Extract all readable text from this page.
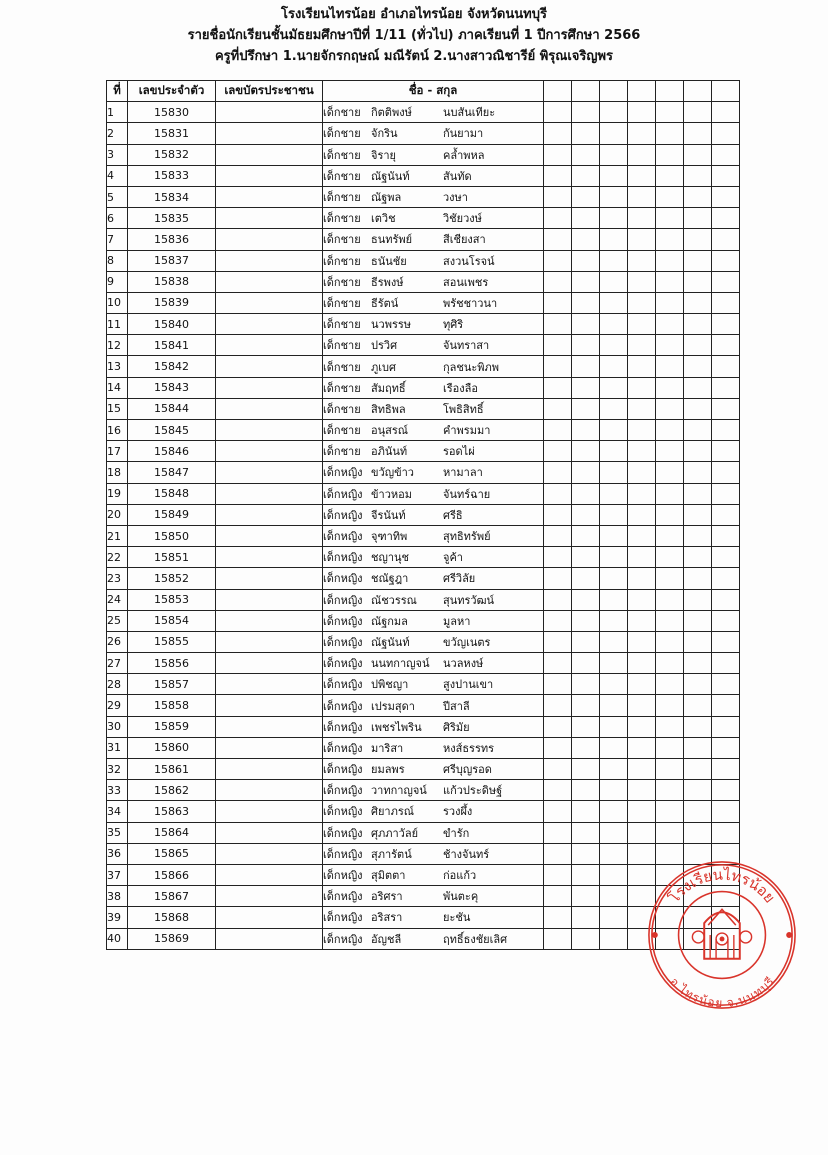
โรงเรียนไทรน้อย อำเภอไทรน้อย จังหวัดนนทบุรี
รายชื่อนักเรียนชั้นมัธยมศึกษาปีที่ 1/11 (ทั่วไป) ภาคเรียนที่ 1 ปีการศึกษา 2566
ครูที่ปรึกษา 1.นายจักรกฤษณ์ มณีรัตน์ 2.นางสาวณิชารีย์ พิรุณเจริญพร
ที่	เลขประจำตัว	เลขบัตรประชาชน	ชื่อ - สกุล							
1	15830		เด็กชาย กิตติพงษ์ นบสันเทียะ							
2	15831		เด็กชาย จักริน กันยามา							
3	15832		เด็กชาย จิรายุ คล้ำพหล							
4	15833		เด็กชาย ณัฐนันท์ สันทัด							
5	15834		เด็กชาย ณัฐพล วงษา							
6	15835		เด็กชาย เตวิช วิชัยวงษ์							
7	15836		เด็กชาย ธนทรัพย์ สีเชียงสา							
8	15837		เด็กชาย ธนันชัย สงวนโรจน์							
9	15838		เด็กชาย ธีรพงษ์ สอนเพชร							
10	15839		เด็กชาย ธีรัตน์ พรัชชาวนา							
11	15840		เด็กชาย นวพรรษ ทุศิริ							
12	15841		เด็กชาย ปรวิศ จันทราสา							
13	15842		เด็กชาย ภูเบศ กุลชนะพิภพ							
14	15843		เด็กชาย สัมฤทธิ์ เรืองลือ							
15	15844		เด็กชาย สิทธิพล โพธิสิทธิ์							
16	15845		เด็กชาย อนุสรณ์ คำพรมมา							
17	15846		เด็กชาย อภินันท์ รอดไผ่							
18	15847		เด็กหญิง ขวัญข้าว หามาลา							
19	15848		เด็กหญิง ข้าวหอม จันทร์ฉาย							
20	15849		เด็กหญิง จีรนันท์ ศรีธิ							
21	15850		เด็กหญิง จุฑาทิพ สุทธิทรัพย์							
22	15851		เด็กหญิง ชญานุช จูค้า							
23	15852		เด็กหญิง ชณัฐฎา ศรีวิลัย							
24	15853		เด็กหญิง ณัชวรรณ สุนทรวัฒน์							
25	15854		เด็กหญิง ณัฐกมล มูลหา							
26	15855		เด็กหญิง ณัฐนันท์ ขวัญเนตร							
27	15856		เด็กหญิง นนทกาญจน์ นวลหงษ์							
28	15857		เด็กหญิง ปพิชญา สูงปานเขา							
29	15858		เด็กหญิง เปรมสุดา ปีสาลี							
30	15859		เด็กหญิง เพชรไพริน ศิริมัย							
31	15860		เด็กหญิง มาริสา หงส์ธรรทร							
32	15861		เด็กหญิง ยมลพร ศรีบุญรอด							
33	15862		เด็กหญิง วาทกาญจน์ แก้วประดิษฐ์							
34	15863		เด็กหญิง ศิยาภรณ์ รวงผึ้ง							
35	15864		เด็กหญิง ศุภภาวัลย์ ขำรัก							
36	15865		เด็กหญิง สุภารัตน์ ช้างจันทร์							
37	15866		เด็กหญิง สุมิตตา ก่อแก้ว							
38	15867		เด็กหญิง อริศรา พันตะคุ							
39	15868		เด็กหญิง อริสรา ยะชัน							
40	15869		เด็กหญิง อัญชลี ฤทธิ์ธงชัยเลิศ							
โรงเรียนไทรน้อย
อ.ไทรน้อย จ.นนทบุรี
